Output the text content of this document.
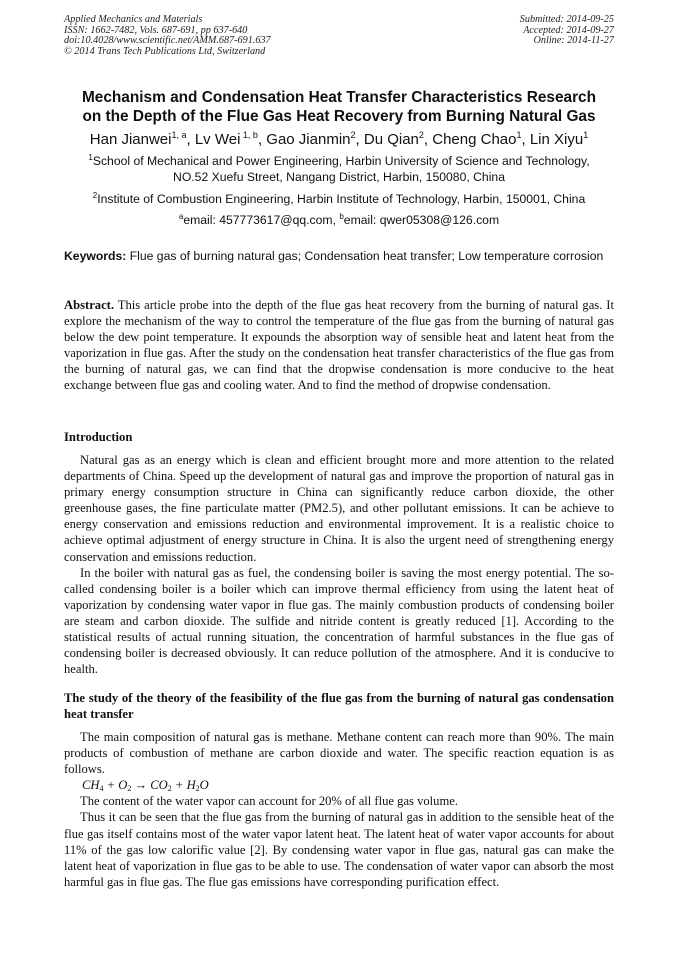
Applied Mechanics and Materials
ISSN: 1662-7482, Vols. 687-691, pp 637-640
doi:10.4028/www.scientific.net/AMM.687-691.637
© 2014 Trans Tech Publications Ltd, Switzerland
Submitted: 2014-09-25
Accepted: 2014-09-27
Online: 2014-11-27
Mechanism and Condensation Heat Transfer Characteristics Research
on the Depth of the Flue Gas Heat Recovery from Burning Natural Gas
Han Jianwei$^{1, a}$, Lv Wei $^{1, b}$, Gao Jianmin$^2$, Du Qian$^2$, Cheng Chao$^1$, Lin Xiyu$^1$
$^1$School of Mechanical and Power Engineering, Harbin University of Science and Technology,
NO.52 Xuefu Street, Nangang District, Harbin, 150080, China
$^2$Institute of Combustion Engineering, Harbin Institute of Technology, Harbin, 150001, China
$^a$email: 457773617@qq.com, $^b$email: qwer05308@126.com
Keywords: Flue gas of burning natural gas; Condensation heat transfer; Low temperature corrosion

Abstract. This article probe into the depth of the flue gas heat recovery from the burning of natural gas. It explore the mechanism of the way to control the temperature of the flue gas from the burning of natural gas below the dew point temperature. It expounds the absorption way of sensible heat and latent heat from the vaporization in flue gas. After the study on the condensation heat transfer characteristics of the flue gas from the burning of natural gas, we can find that the dropwise condensation is more conducive to the heat exchange between flue gas and cooling water. And to find the method of dropwise condensation.

Introduction

Natural gas as an energy which is clean and efficient brought more and more attention to the related departments of China. Speed up the development of natural gas and improve the proportion of natural gas in primary energy consumption structure in China can significantly reduce carbon dioxide, the other greenhouse gases, the fine particulate matter (PM2.5), and other pollutant emissions. It can be achieve to energy conservation and emissions reduction and environmental improvement. It is a realistic choice to achieve optimal adjustment of energy structure in China. It is also the urgent need of strengthening energy conservation and emissions reduction.

In the boiler with natural gas as fuel, the condensing boiler is saving the most energy potential. The so-called condensing boiler is a boiler which can improve thermal efficiency from using the latent heat of vaporization by condensing water vapor in flue gas. The mainly combustion products of condensing boiler are steam and carbon dioxide. The sulfide and nitride content is greatly reduced [1]. According to the statistical results of actual running situation, the concentration of harmful substances in the flue gas of condensing boiler is decreased obviously. It can reduce pollution of the atmosphere. And it is conducive to health.

The study of the theory of the feasibility of the flue gas from the burning of natural gas condensation heat transfer

The main composition of natural gas is methane. Methane content can reach more than 90%. The main products of combustion of methane are carbon dioxide and water. The specific reaction equation is as follows.

$CH_4 + O_2 \to CO_2 + H_2O$

The content of the water vapor can account for 20% of all flue gas volume.

Thus it can be seen that the flue gas from the burning of natural gas in addition to the sensible heat of the flue gas itself contains most of the water vapor latent heat. The latent heat of water vapor accounts for about 11% of the gas low calorific value [2]. By condensing water vapor in flue gas, natural gas can make the latent heat of vaporization in flue gas to be able to use. The condensation of water vapor can absorb the most harmful gas in flue gas. The flue gas emissions have corresponding purification effect.
